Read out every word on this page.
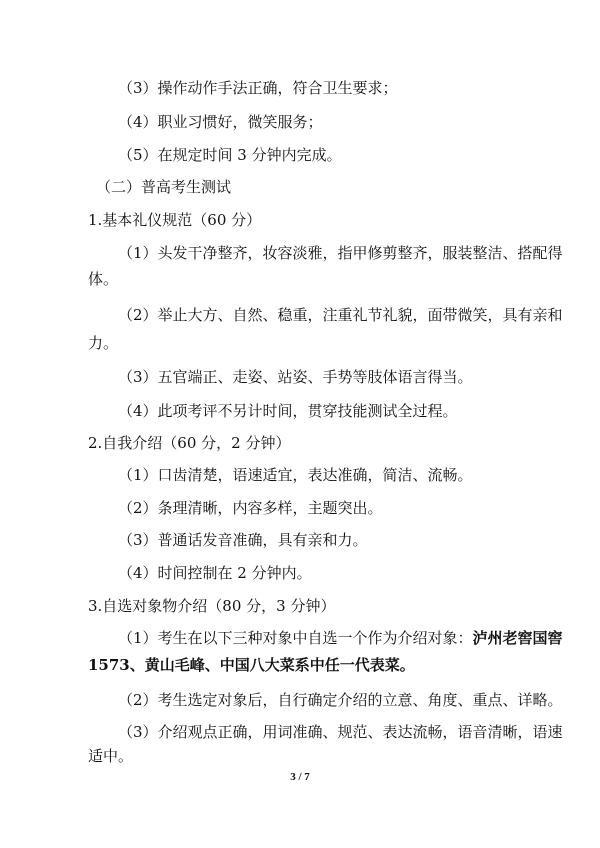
（3）操作动作手法正确，符合卫生要求；
（4）职业习惯好，微笑服务；
（5）在规定时间 3 分钟内完成。
（二）普高考生测试
1.基本礼仪规范（60 分）
（1）头发干净整齐，妆容淡雅，指甲修剪整齐，服装整洁、搭配得
体。
（2）举止大方、自然、稳重，注重礼节礼貌，面带微笑，具有亲和
力。
（3）五官端正、走姿、站姿、手势等肢体语言得当。
（4）此项考评不另计时间，贯穿技能测试全过程。
2.自我介绍（60 分，2 分钟）
（1）口齿清楚，语速适宜，表达准确，简洁、流畅。
（2）条理清晰，内容多样，主题突出。
（3）普通话发音准确，具有亲和力。
（4）时间控制在 2 分钟内。
3.自选对象物介绍（80 分，3 分钟）
（1）考生在以下三种对象中自选一个作为介绍对象：泸州老窖国窖
1573、黄山毛峰、中国八大菜系中任一代表菜。
（2）考生选定对象后，自行确定介绍的立意、角度、重点、详略。
（3）介绍观点正确，用词准确、规范、表达流畅，语音清晰，语速
适中。
3 / 7
